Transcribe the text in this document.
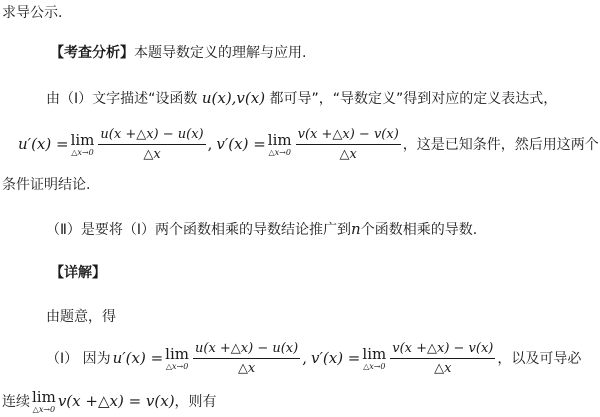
求导公示.
【考查分析】本题导数定义的理解与应用.
由（Ⅰ）文字描述“设函数 u(x),v(x) 都可导”，“导数定义”得到对应的定义表达式，
u′(x) = lim
△x→0 $\frac{u(x +\triangle x) - u(x)}{\triangle x}$ , v′(x) = lim
△x→0 $\frac{v(x +\triangle x) - v(x)}{\triangle x}$ ，这是已知条件，然后用这两个
条件证明结论.
（Ⅱ）是要将（Ⅰ）两个函数相乘的导数结论推广到n个函数相乘的导数.
【详解】
由题意，得
（Ⅰ） 因为 u′(x) = lim
△x→0 $\frac{u(x +\triangle x) - u(x)}{\triangle x}$ , v′(x) = lim
△x→0 $\frac{v(x +\triangle x) - v(x)}{\triangle x}$ ，以及可导必
连续 lim
△x→0 v(x +△x) = v(x) ，则有
